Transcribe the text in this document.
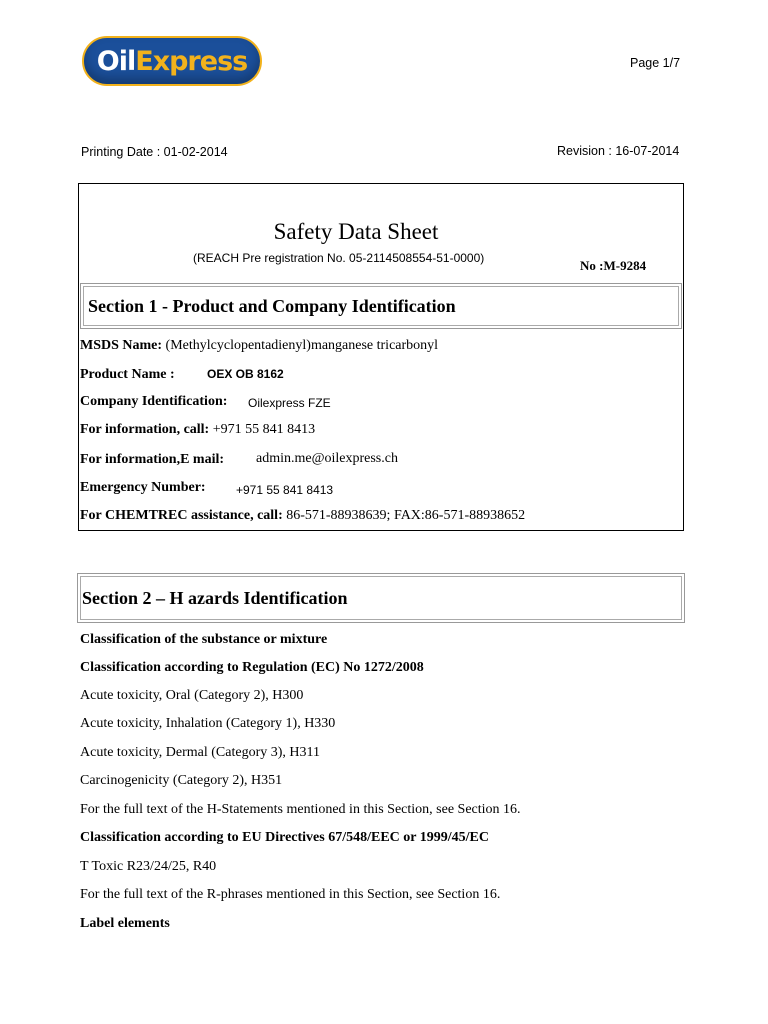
Oil Express	Page 1/7
Printing Date : 01-02-2014	Revision : 16-07-2014
Safety Data Sheet
(REACH Pre registration No. 05-2114508554-51-0000)	No :M-9284
Section 1 - Product and Company Identification
MSDS Name: (Methylcyclopentadienyl)manganese tricarbonyl
Product Name :	OEX OB 8162
Company Identification: Oilexpress FZE
For information, call: +971 55 841 8413
For information,E mail: admin.me@oilexpress.ch
Emergency Number:	+971 55 841 8413
For CHEMTREC assistance, call: 86-571-88938639; FAX:86-571-88938652
Section 2 – H azards Identification
Classification of the substance or mixture
Classification according to Regulation (EC) No 1272/2008
Acute toxicity, Oral (Category 2), H300
Acute toxicity, Inhalation (Category 1), H330
Acute toxicity, Dermal (Category 3), H311
Carcinogenicity (Category 2), H351
For the full text of the H-Statements mentioned in this Section, see Section 16.
Classification according to EU Directives 67/548/EEC or 1999/45/EC
T Toxic R23/24/25, R40
For the full text of the R-phrases mentioned in this Section, see Section 16.
Label elements
